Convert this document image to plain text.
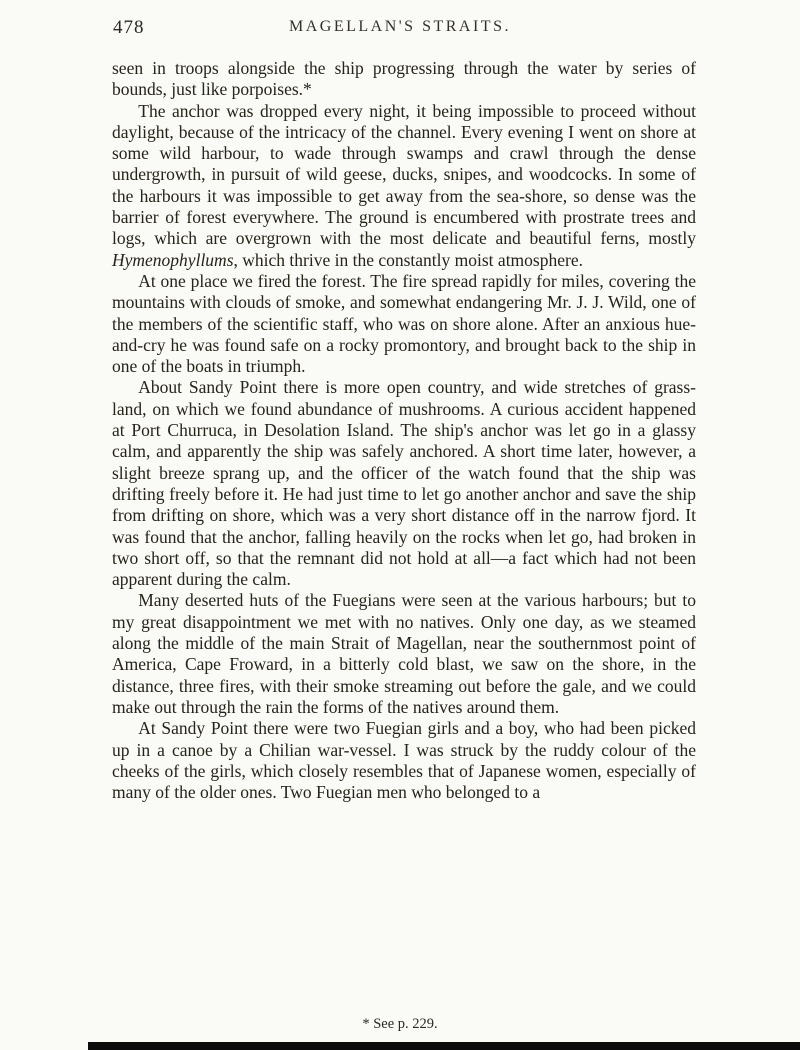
478	MAGELLAN'S STRAITS.

seen in troops alongside the ship progressing through the water by series of bounds, just like porpoises.*

The anchor was dropped every night, it being impossible to proceed without daylight, because of the intricacy of the channel. Every evening I went on shore at some wild harbour, to wade through swamps and crawl through the dense undergrowth, in pursuit of wild geese, ducks, snipes, and woodcocks. In some of the harbours it was impossible to get away from the sea-shore, so dense was the barrier of forest everywhere. The ground is encumbered with prostrate trees and logs, which are overgrown with the most delicate and beautiful ferns, mostly Hymenophyllums, which thrive in the constantly moist atmosphere.

At one place we fired the forest. The fire spread rapidly for miles, covering the mountains with clouds of smoke, and somewhat endangering Mr. J. J. Wild, one of the members of the scientific staff, who was on shore alone. After an anxious hue-and-cry he was found safe on a rocky promontory, and brought back to the ship in one of the boats in triumph.

About Sandy Point there is more open country, and wide stretches of grass-land, on which we found abundance of mushrooms. A curious accident happened at Port Churruca, in Desolation Island. The ship's anchor was let go in a glassy calm, and apparently the ship was safely anchored. A short time later, however, a slight breeze sprang up, and the officer of the watch found that the ship was drifting freely before it. He had just time to let go another anchor and save the ship from drifting on shore, which was a very short distance off in the narrow fjord. It was found that the anchor, falling heavily on the rocks when let go, had broken in two short off, so that the remnant did not hold at all—a fact which had not been apparent during the calm.

Many deserted huts of the Fuegians were seen at the various harbours; but to my great disappointment we met with no natives. Only one day, as we steamed along the middle of the main Strait of Magellan, near the southernmost point of America, Cape Froward, in a bitterly cold blast, we saw on the shore, in the distance, three fires, with their smoke streaming out before the gale, and we could make out through the rain the forms of the natives around them.

At Sandy Point there were two Fuegian girls and a boy, who had been picked up in a canoe by a Chilian war-vessel. I was struck by the ruddy colour of the cheeks of the girls, which closely resembles that of Japanese women, especially of many of the older ones. Two Fuegian men who belonged to a

* See p. 229.
